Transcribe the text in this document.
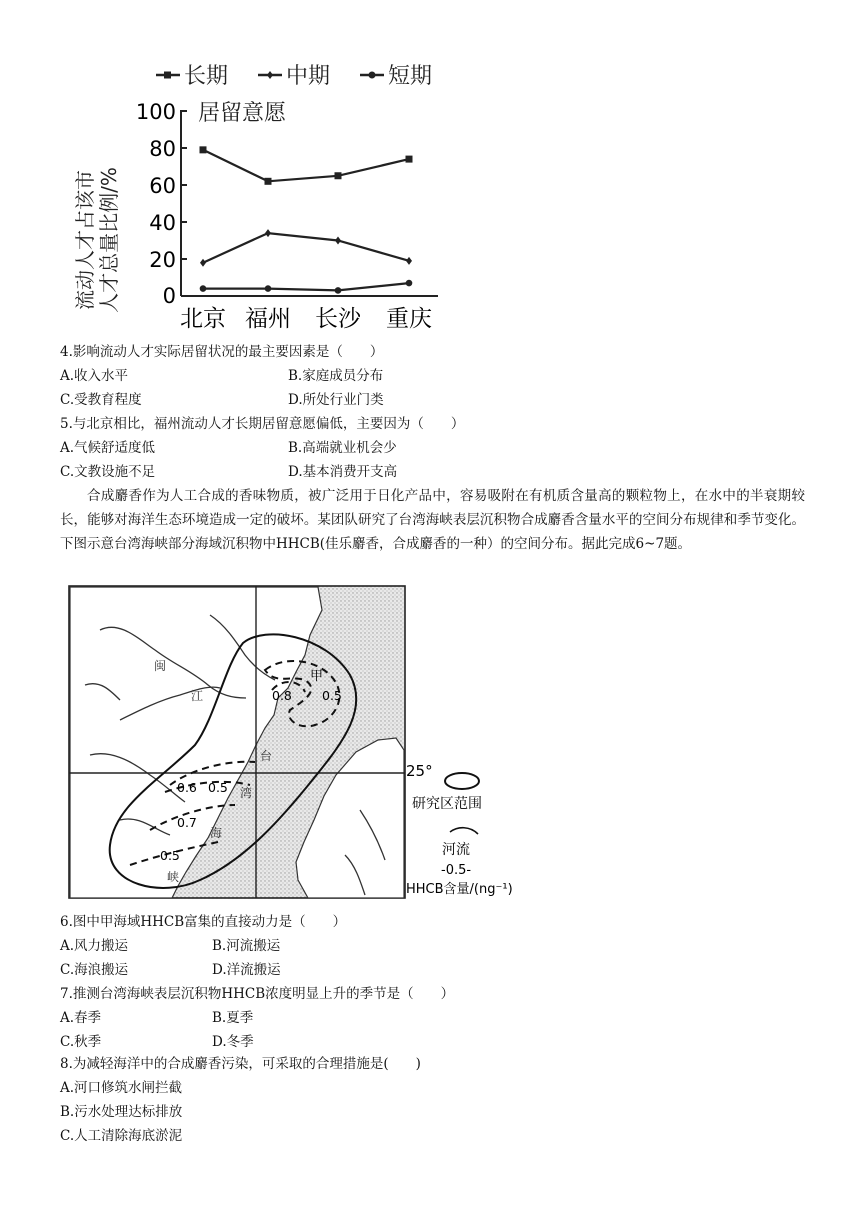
长期	中期	短期
流动人才占该市 人才总量比例/%
100
80
60
40
20
0
居留意愿
北京 福州 长沙 重庆
4.影响流动人才实际居留状况的最主要因素是（　　）
A.收入水平	B.家庭成员分布
C.受教育程度	D.所处行业门类
5.与北京相比，福州流动人才长期居留意愿偏低，主要因为（　　）
A.气候舒适度低	B.高端就业机会少
C.文教设施不足	D.基本消费开支高
合成麝香作为人工合成的香味物质，被广泛用于日化产品中，容易吸附在有机质含量高的颗粒物上，在水中的半衰期较长，能够对海洋生态环境造成一定的破坏。某团队研究了台湾海峡表层沉积物合成麝香含量水平的空间分布规律和季节变化。下图示意台湾海峡部分海域沉积物中HHCB(佳乐麝香，合成麝香的一种）的空间分布。据此完成6~7题。
甲
0.8 0.5
0.6 0.5
0.7
0.5
闽
江
台
湾
海
峡
25°
研究区范围
河流
-0.5-
HHCB含量/(ng⁻¹)
6.图中甲海域HHCB富集的直接动力是（　　）
A.风力搬运	B.河流搬运
C.海浪搬运	D.洋流搬运
7.推测台湾海峡表层沉积物HHCB浓度明显上升的季节是（　　）
A.春季	B.夏季
C.秋季	D.冬季
8.为减轻海洋中的合成麝香污染，可采取的合理措施是(　　)
A.河口修筑水闸拦截
B.污水处理达标排放
C.人工清除海底淤泥
